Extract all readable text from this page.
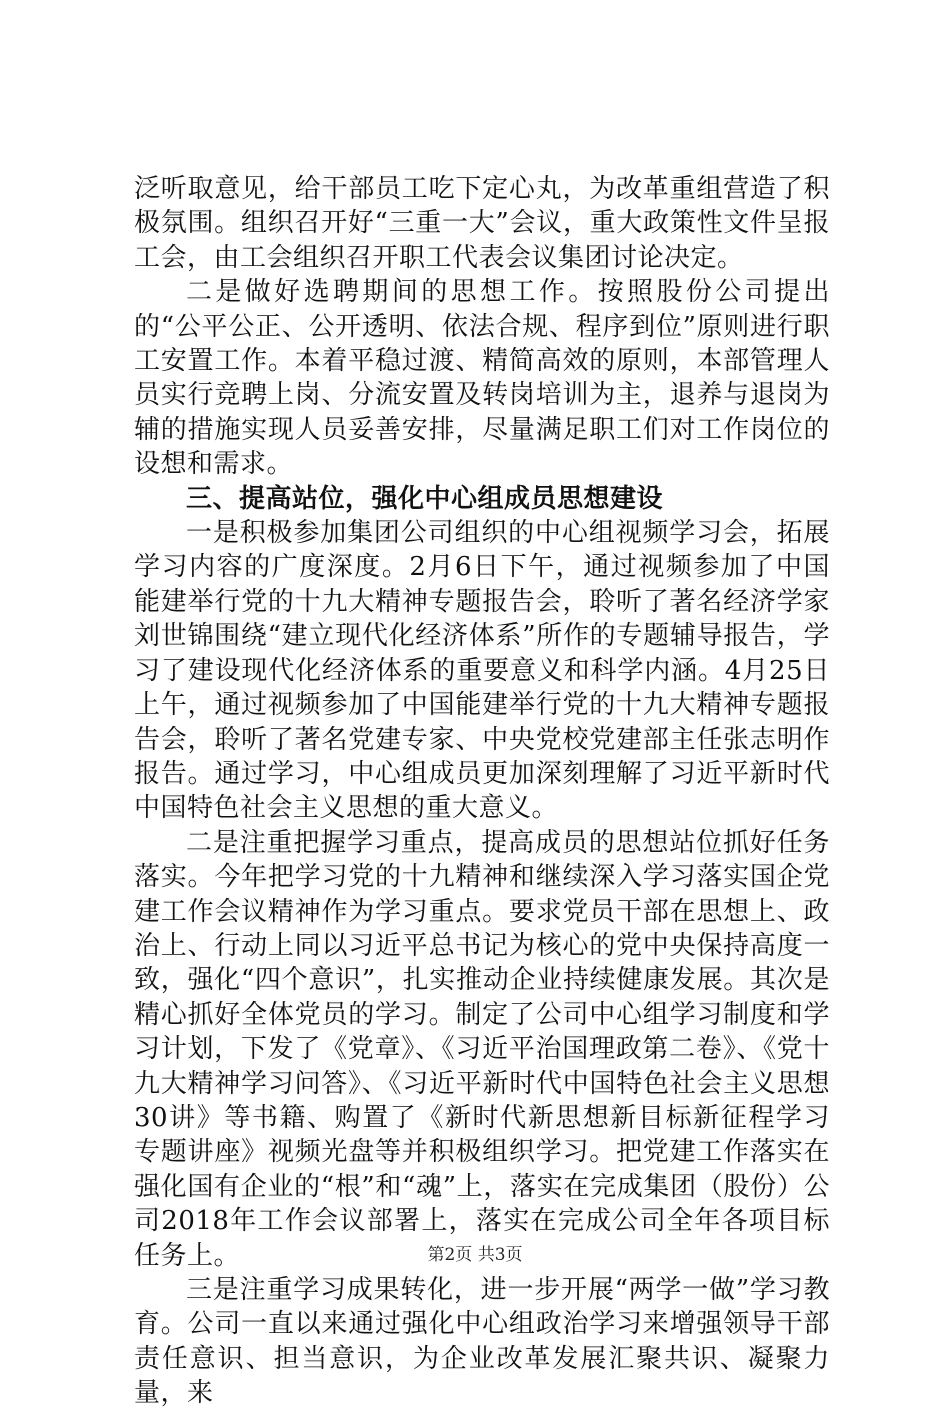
泛听取意见，给干部员工吃下定心丸，为改革重组营造了积极氛围。组织召开好“三重一大”会议，重大政策性文件呈报工会，由工会组织召开职工代表会议集团讨论决定。

二是做好选聘期间的思想工作。按照股份公司提出的“公平公正、公开透明、依法合规、程序到位”原则进行职工安置工作。本着平稳过渡、精简高效的原则，本部管理人员实行竞聘上岗、分流安置及转岗培训为主，退养与退岗为辅的措施实现人员妥善安排，尽量满足职工们对工作岗位的设想和需求。

三、提高站位，强化中心组成员思想建设

一是积极参加集团公司组织的中心组视频学习会，拓展学习内容的广度深度。2月6日下午，通过视频参加了中国能建举行党的十九大精神专题报告会，聆听了著名经济学家刘世锦围绕“建立现代化经济体系”所作的专题辅导报告，学习了建设现代化经济体系的重要意义和科学内涵。4月25日上午，通过视频参加了中国能建举行党的十九大精神专题报告会，聆听了著名党建专家、中央党校党建部主任张志明作报告。通过学习，中心组成员更加深刻理解了习近平新时代中国特色社会主义思想的重大意义。

二是注重把握学习重点，提高成员的思想站位抓好任务落实。今年把学习党的十九精神和继续深入学习落实国企党建工作会议精神作为学习重点。要求党员干部在思想上、政治上、行动上同以习近平总书记为核心的党中央保持高度一致，强化“四个意识”，扎实推动企业持续健康发展。其次是精心抓好全体党员的学习。制定了公司中心组学习制度和学习计划，下发了《党章》、《习近平治国理政第二卷》、《党十九大精神学习问答》、《习近平新时代中国特色社会主义思想30讲》等书籍、购置了《新时代新思想新目标新征程学习专题讲座》视频光盘等并积极组织学习。把党建工作落实在强化国有企业的“根”和“魂”上，落实在完成集团（股份）公司2018年工作会议部署上，落实在完成公司全年各项目标任务上。

三是注重学习成果转化，进一步开展“两学一做”学习教育。公司一直以来通过强化中心组政治学习来增强领导干部责任意识、担当意识，为企业改革发展汇聚共识、凝聚力量，来

第2页 共3页
